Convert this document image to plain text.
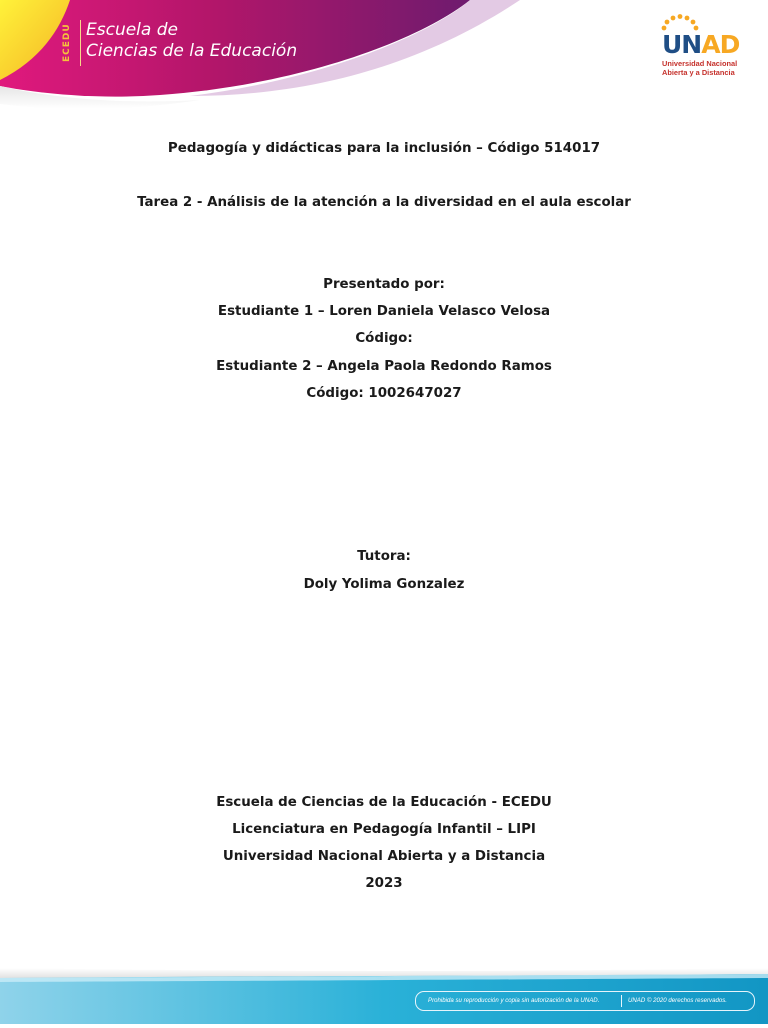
ECEDU Escuela de
Ciencias de la Educación	UNAD
Universidad Nacional
Abierta y a Distancia
Pedagogía y didácticas para la inclusión – Código 514017
Tarea 2 - Análisis de la atención a la diversidad en el aula escolar
Presentado por:
Estudiante 1 – Loren Daniela Velasco Velosa
Código:
Estudiante 2 – Angela Paola Redondo Ramos
Código: 1002647027
Tutora:
Doly Yolima Gonzalez
Escuela de Ciencias de la Educación - ECEDU
Licenciatura en Pedagogía Infantil – LIPI
Universidad Nacional Abierta y a Distancia
2023
Prohibida su reproducción y copia sin autorización de la UNAD.	UNAD © 2020 derechos reservados.
